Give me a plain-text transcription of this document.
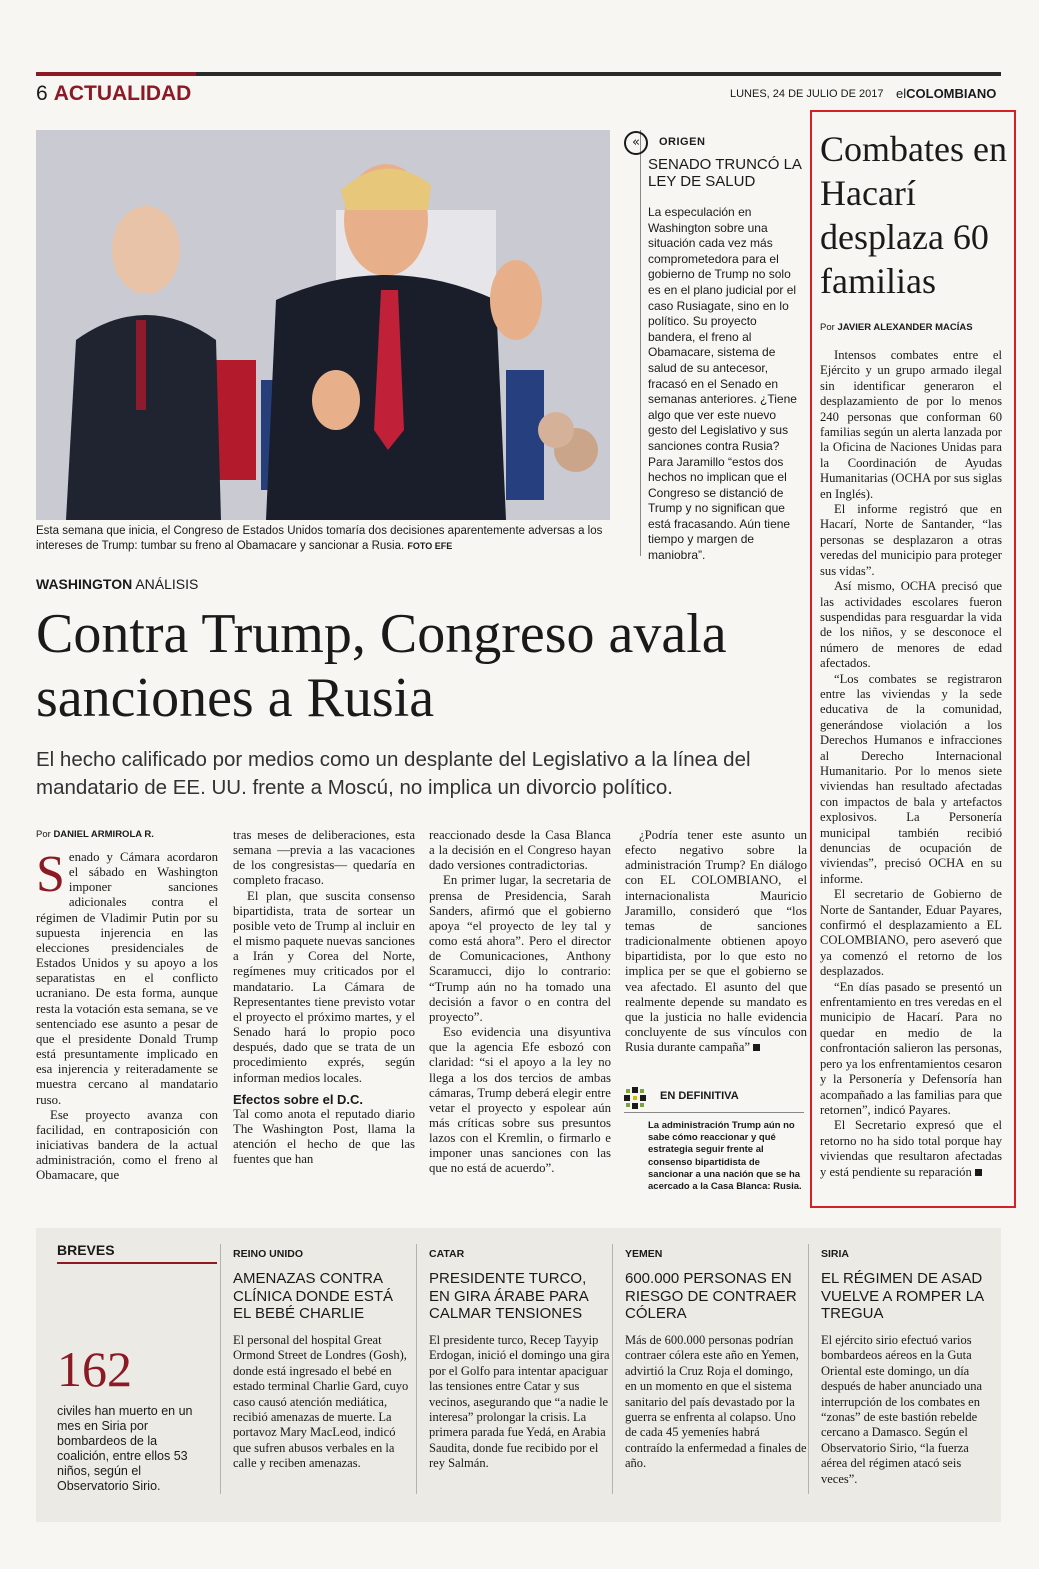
6 ACTUALIDAD	LUNES, 24 DE JULIO DE 2017 elCOLOMBIANO
Esta semana que inicia, el Congreso de Estados Unidos tomaría dos decisiones aparentemente adversas a los intereses de Trump: tumbar su freno al Obamacare y sancionar a Rusia. FOTO EFE
«	ORIGEN
SENADO TRUNCÓ LA LEY DE SALUD
La especulación en Washington sobre una situación cada vez más comprometedora para el gobierno de Trump no solo es en el plano judicial por el caso Rusiagate, sino en lo político. Su proyecto bandera, el freno al Obamacare, sistema de salud de su antecesor, fracasó en el Senado en semanas anteriores. ¿Tiene algo que ver este nuevo gesto del Legislativo y sus sanciones contra Rusia? Para Jaramillo “estos dos hechos no implican que el Congreso se distanció de Trump y no significan que está fracasando. Aún tiene tiempo y margen de maniobra”.
Combates en Hacarí desplaza 60 familias
Por JAVIER ALEXANDER MACÍAS

Intensos combates entre el Ejército y un grupo armado ilegal sin identificar generaron el desplazamiento de por lo menos 240 personas que conforman 60 familias según un alerta lanzada por la Oficina de Naciones Unidas para la Coordinación de Ayudas Humanitarias (OCHA por sus siglas en Inglés).

El informe registró que en Hacarí, Norte de Santander, “las personas se desplazaron a otras veredas del municipio para proteger sus vidas”.

Así mismo, OCHA precisó que las actividades escolares fueron suspendidas para resguardar la vida de los niños, y se desconoce el número de menores de edad afectados.

“Los combates se registraron entre las viviendas y la sede educativa de la comunidad, generándose violación a los Derechos Humanos e infracciones al Derecho Internacional Humanitario. Por lo menos siete viviendas han resultado afectadas con impactos de bala y artefactos explosivos. La Personería municipal también recibió denuncias de ocupación de viviendas”, precisó OCHA en su informe.

El secretario de Gobierno de Norte de Santander, Eduar Payares, confirmó el desplazamiento a EL COLOMBIANO, pero aseveró que ya comenzó el retorno de los desplazados.

“En días pasado se presentó un enfrentamiento en tres veredas en el municipio de Hacarí. Para no quedar en medio de la confrontación salieron las personas, pero ya los enfrentamientos cesaron y la Personería y Defensoría han acompañado a las familias para que retornen”, indicó Payares.

El Secretario expresó que el retorno no ha sido total porque hay viviendas que resultaron afectadas y está pendiente su reparación

WASHINGTON ANÁLISIS
Contra Trump, Congreso avala sanciones a Rusia
El hecho calificado por medios como un desplante del Legislativo a la línea del mandatario de EE. UU. frente a Moscú, no implica un divorcio político.
Por DANIEL ARMIROLA R.
S enado y Cámara acordaron el sábado en Washington imponer sanciones adicionales contra el régimen de Vladimir Putin por su supuesta injerencia en las elecciones presidenciales de Estados Unidos y su apoyo a los separatistas en el conflicto ucraniano. De esta forma, aunque resta la votación esta semana, se ve sentenciado ese asunto a pesar de que el presidente Donald Trump está presuntamente implicado en esa injerencia y reiteradamente se muestra cercano al mandatario ruso.

Ese proyecto avanza con facilidad, en contraposición con iniciativas bandera de la actual administración, como el freno al Obamacare, que

tras meses de deliberaciones, esta semana —previa a las vacaciones de los congresistas— quedaría en completo fracaso.

El plan, que suscita consenso bipartidista, trata de sortear un posible veto de Trump al incluir en el mismo paquete nuevas sanciones a Irán y Corea del Norte, regímenes muy criticados por el mandatario. La Cámara de Representantes tiene previsto votar el proyecto el próximo martes, y el Senado hará lo propio poco después, dado que se trata de un procedimiento exprés, según informan medios locales.

Efectos sobre el D.C.

Tal como anota el reputado diario The Washington Post, llama la atención el hecho de que las fuentes que han

reaccionado desde la Casa Blanca a la decisión en el Congreso hayan dado versiones contradictorias.

En primer lugar, la secretaria de prensa de Presidencia, Sarah Sanders, afirmó que el gobierno apoya “el proyecto de ley tal y como está ahora”. Pero el director de Comunicaciones, Anthony Scaramucci, dijo lo contrario: “Trump aún no ha tomado una decisión a favor o en contra del proyecto”.

Eso evidencia una disyuntiva que la agencia Efe esbozó con claridad: “si el apoyo a la ley no llega a los dos tercios de ambas cámaras, Trump deberá elegir entre vetar el proyecto y espolear aún más críticas sobre sus presuntos lazos con el Kremlin, o firmarlo e imponer unas sanciones con las que no está de acuerdo”.

¿Podría tener este asunto un efecto negativo sobre la administración Trump? En diálogo con EL COLOMBIANO, el internacionalista Mauricio Jaramillo, consideró que “los temas de sanciones tradicionalmente obtienen apoyo bipartidista, por lo que esto no implica per se que el gobierno se vea afectado. El asunto del que realmente depende su mandato es que la justicia no halle evidencia concluyente de sus vínculos con Rusia durante campaña”

EN DEFINITIVA
La administración Trump aún no sabe cómo reaccionar y qué estrategia seguir frente al consenso bipartidista de sancionar a una nación que se ha acercado a la Casa Blanca: Rusia.
BREVES
162
civiles han muerto en un mes en Siria por bombardeos de la coalición, entre ellos 53 niños, según el Observatorio Sirio.
REINO UNIDO
AMENAZAS CONTRA CLÍNICA DONDE ESTÁ EL BEBÉ CHARLIE
El personal del hospital Great Ormond Street de Londres (Gosh), donde está ingresado el bebé en estado terminal Charlie Gard, cuyo caso causó atención mediática, recibió amenazas de muerte. La portavoz Mary MacLeod, indicó que sufren abusos verbales en la calle y reciben amenazas.
CATAR
PRESIDENTE TURCO, EN GIRA ÁRABE PARA CALMAR TENSIONES
El presidente turco, Recep Tayyip Erdogan, inició el domingo una gira por el Golfo para intentar apaciguar las tensiones entre Catar y sus vecinos, asegurando que “a nadie le interesa” prolongar la crisis. La primera parada fue Yedá, en Arabia Saudita, donde fue recibido por el rey Salmán.
YEMEN
600.000 PERSONAS EN RIESGO DE CONTRAER CÓLERA
Más de 600.000 personas podrían contraer cólera este año en Yemen, advirtió la Cruz Roja el domingo, en un momento en que el sistema sanitario del país devastado por la guerra se enfrenta al colapso. Uno de cada 45 yemeníes habrá contraído la enfermedad a finales de año.
SIRIA
EL RÉGIMEN DE ASAD VUELVE A ROMPER LA TREGUA
El ejército sirio efectuó varios bombardeos aéreos en la Guta Oriental este domingo, un día después de haber anunciado una interrupción de los combates en “zonas” de este bastión rebelde cercano a Damasco. Según el Observatorio Sirio, “la fuerza aérea del régimen atacó seis veces”.
